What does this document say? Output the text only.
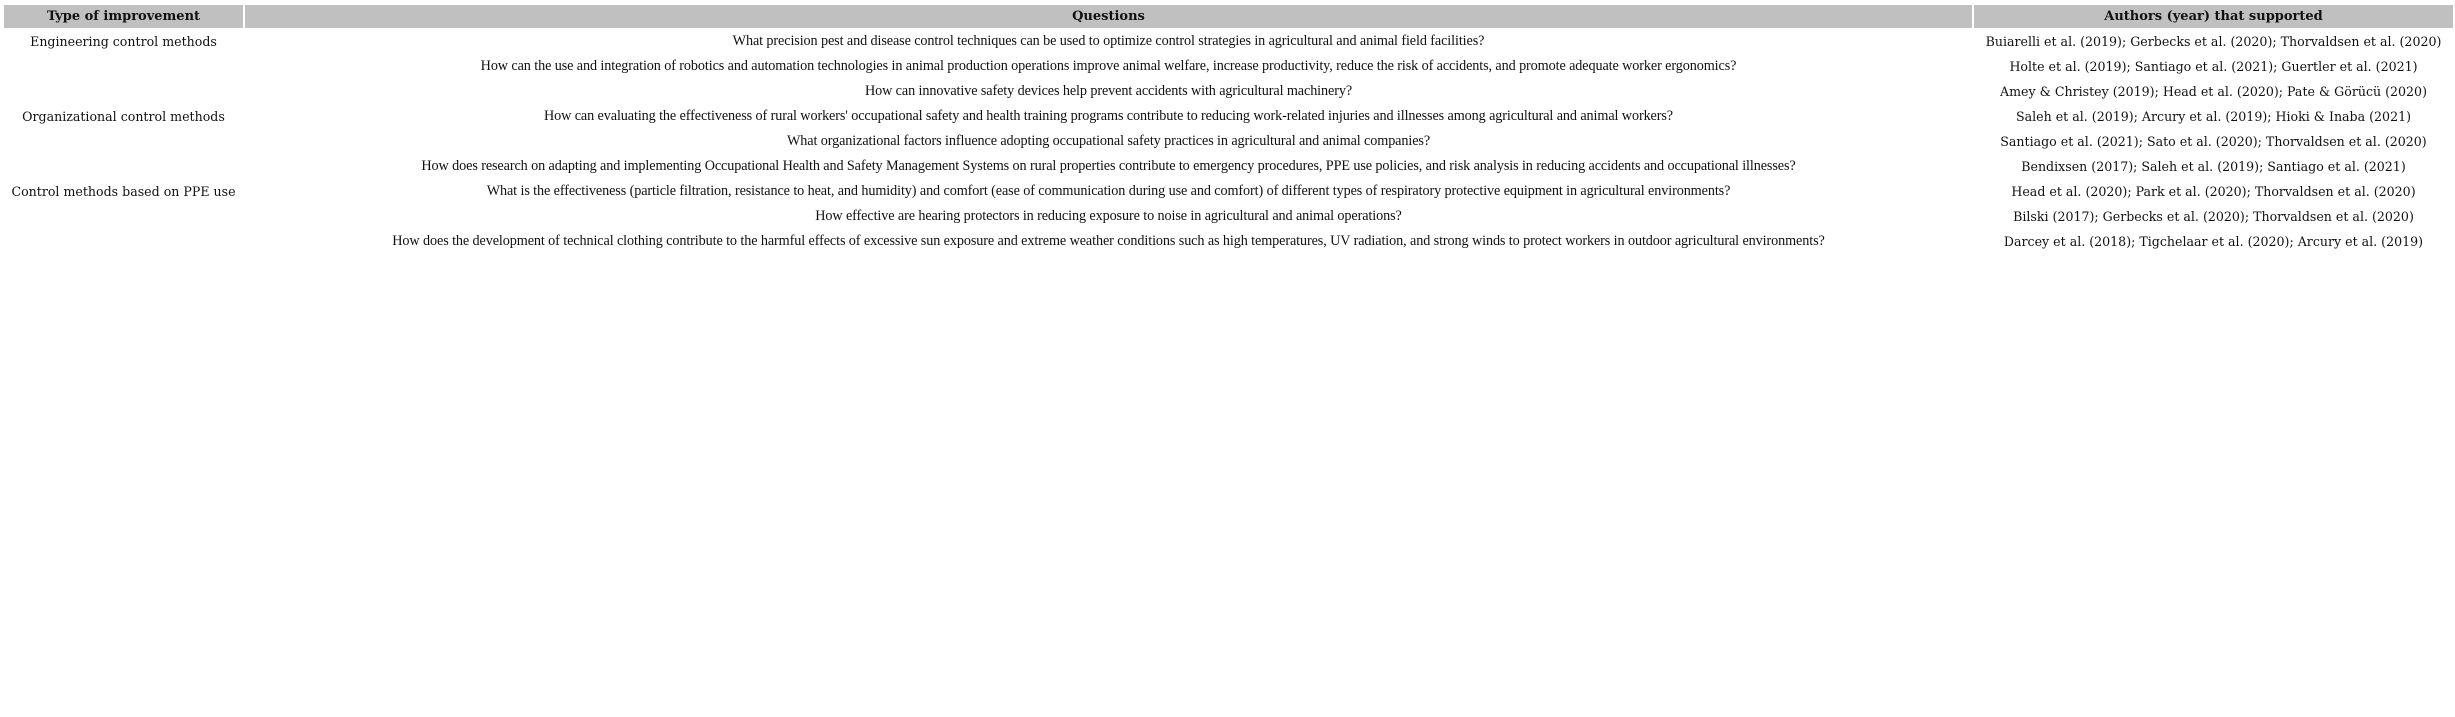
Type of improvement	Questions	Authors (year) that supported
Engineering control methods	What precision pest and disease control techniques can be used to optimize control strategies in agricultural and animal field facilities?	Buiarelli et al. (2019); Gerbecks et al. (2020); Thorvaldsen et al. (2020)
	How can the use and integration of robotics and automation technologies in animal production operations improve animal welfare, increase productivity, reduce the risk of accidents, and promote adequate worker ergonomics?	Holte et al. (2019); Santiago et al. (2021); Guertler et al. (2021)
	How can innovative safety devices help prevent accidents with agricultural machinery?	Amey & Christey (2019); Head et al. (2020); Pate & Görücü (2020)
Organizational control methods	How can evaluating the effectiveness of rural workers' occupational safety and health training programs contribute to reducing work-related injuries and illnesses among agricultural and animal workers?	Saleh et al. (2019); Arcury et al. (2019); Hioki & Inaba (2021)
	What organizational factors influence adopting occupational safety practices in agricultural and animal companies?	Santiago et al. (2021); Sato et al. (2020); Thorvaldsen et al. (2020)
	How does research on adapting and implementing Occupational Health and Safety Management Systems on rural properties contribute to emergency procedures, PPE use policies, and risk analysis in reducing accidents and occupational illnesses?	Bendixsen (2017); Saleh et al. (2019); Santiago et al. (2021)
Control methods based on PPE use	What is the effectiveness (particle filtration, resistance to heat, and humidity) and comfort (ease of communication during use and comfort) of different types of respiratory protective equipment in agricultural environments?	Head et al. (2020); Park et al. (2020); Thorvaldsen et al. (2020)
	How effective are hearing protectors in reducing exposure to noise in agricultural and animal operations?	Bilski (2017); Gerbecks et al. (2020); Thorvaldsen et al. (2020)
	How does the development of technical clothing contribute to the harmful effects of excessive sun exposure and extreme weather conditions such as high temperatures, UV radiation, and strong winds to protect workers in outdoor agricultural environments?	Darcey et al. (2018); Tigchelaar et al. (2020); Arcury et al. (2019)
